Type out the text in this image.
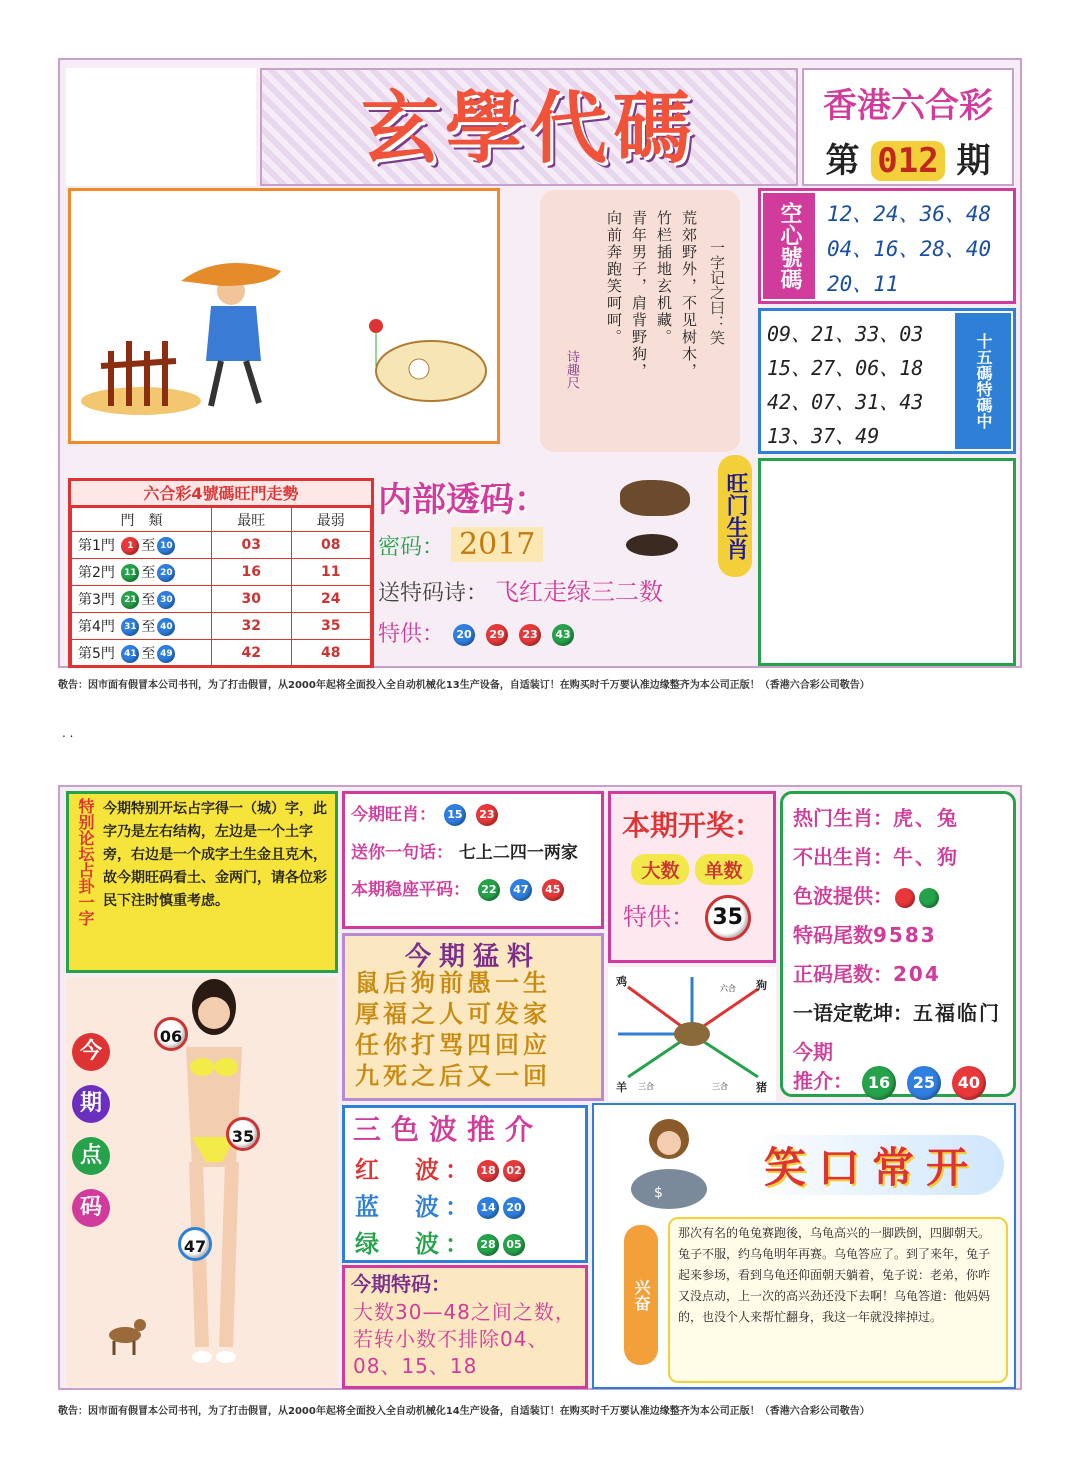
玄學代碼	香港六合彩
第 012 期
一字记之曰：笑
荒郊野外，不见树木，
竹栏插地玄机藏。
青年男子，肩背野狗，
向前奔跑笑呵呵。
诗趣尺
空心號碼	12、24、36、48
04、16、28、40
20、11
09、21、33、03
15、27、06、18
42、07、31、43
13、37、49
十五碼特碼中
六合彩4號碼旺門走勢
門　類	最旺	最弱
第1門 1 至 10	03	08
第2門 11 至 20	16	11
第3門 21 至 30	30	24
第4門 31 至 40	32	35
第5門 41 至 49	42	48
内部透码：
密码： 2017
送特码诗： 飞红走绿三二数
特供： 20 29 23 43
旺门生肖
敬告：因市面有假冒本公司书刊，为了打击假冒，从2000年起将全面投入全自动机械化13生产设备，自适装订！在购买时千万要认准边缘整齐为本公司正版！（香港六合彩公司敬告）
. .
特别论坛占卦一字 今期特别开坛占字得一（城）字，此字乃是左右结构，左边是一个土字旁，右边是一个成字土生金且克木，故今期旺码看土、金两门，请各位彩民下注时慎重考虑。
今
期
点
码
06
35
47
今期旺肖： 15 23
送你一句话： 七上二四一两家
本期稳座平码： 22 47 45
今期猛料
鼠后狗前愚一生
厚福之人可发家
任你打骂四回应
九死之后又一回
三色波推介
红　波： 18 02
蓝　波： 14 20
绿　波： 28 05
今期特码：
大数30—48之间之数，若转小数不排除04、08、15、18
本期开奖：
大数 单数
特供： 35
鸡
羊	猪
狗
六合
三合	三合
热门生肖：虎、兔
不出生肖：牛、狗
色波提供：
特码尾数9583
正码尾数：204
一语定乾坤：五福临门
今期
推介： 16 25 40
$
笑口常开
兴奋
那次有名的龟兔赛跑後，乌龟高兴的一脚跌倒，四脚朝天。兔子不服，约乌龟明年再赛。乌龟答应了。到了来年，兔子起来参场，看到乌龟还仰面朝天躺着，兔子说：老弟，你咋又没点动，上一次的高兴劲还没下去啊！乌龟答道：他妈妈的，也没个人来帮忙翻身，我这一年就没摔掉过。
敬告：因市面有假冒本公司书刊，为了打击假冒，从2000年起将全面投入全自动机械化14生产设备，自适装订！在购买时千万要认准边缘整齐为本公司正版！（香港六合彩公司敬告）
